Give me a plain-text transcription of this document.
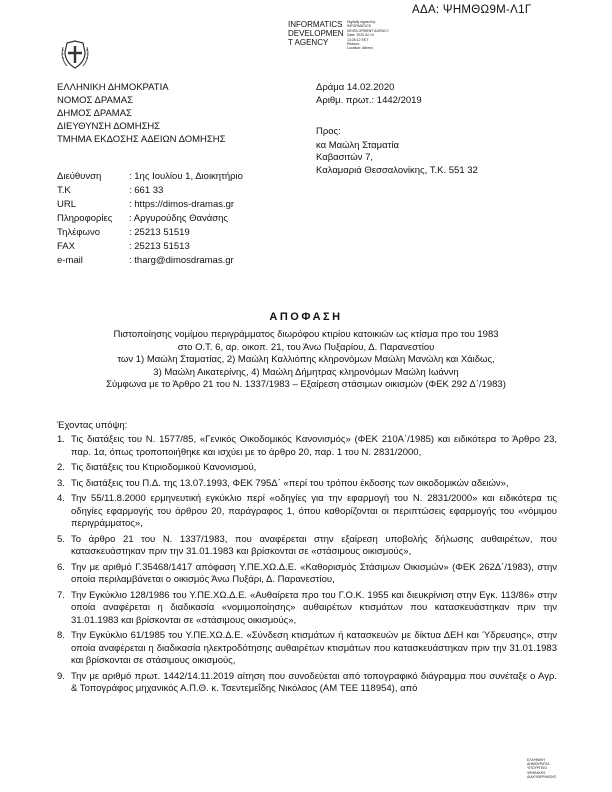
ΑΔΑ: ΨΗΜΘΩ9Μ-Λ1Γ
INFORMATICS
DEVELOPMEN
T AGENCY
Digitally signed by
INFORMATICS
DEVELOPMENT AGENCY
Date: 2020.02.14
13:25:12 EET
Reason:
Location: Athens
ΕΛΛΗΝΙΚΗ ΔΗΜΟΚΡΑΤΙΑ
ΝΟΜΟΣ ΔΡΑΜΑΣ
ΔΗΜΟΣ ΔΡΑΜΑΣ
ΔΙΕΥΘΥΝΣΗ ΔΟΜΗΣΗΣ
ΤΜΗΜΑ ΕΚΔΟΣΗΣ ΑΔΕΙΩΝ ΔΟΜΗΣΗΣ
Δράμα 14.02.2020
Αριθμ. πρωτ.: 1442/2019
Προς:
κα Μαώλη Σταματία
Καβασιτών 7,
Καλαμαριά Θεσσαλονίκης, Τ.Κ. 551 32
Διεύθυνση	: 1ης Ιουλίου 1, Διοικητήριο
Τ.Κ	: 661 33
URL	: https://dimos-dramas.gr
Πληροφορίες	: Αργυρούδης Θανάσης
Τηλέφωνο	: 25213 51519
FAX	: 25213 51513
e-mail	: tharg@dimosdramas.gr
ΑΠΟΦΑΣΗ
Πιστοποίησης νομίμου περιγράμματος διωρόφου κτιρίου κατοικιών ως κτίσμα προ του 1983
στο Ο.Τ. 6, αρ. οικοπ. 21, του Άνω Πυξαρίου, Δ. Παρανεστίου
των 1) Μαώλη Σταματίας, 2) Μαώλη Καλλιόπης κληρονόμων Μαώλη Μανώλη και Χάιδως,
3) Μαώλη Αικατερίνης, 4) Μαώλη Δήμητρας κληρονόμων Μαώλη Ιωάννη
Σύμφωνα με το Άρθρο 21 του Ν. 1337/1983 – Εξαίρεση στάσιμων οικισμών (ΦΕΚ 292 Δ΄/1983)
Έχοντας υπόψη:
1. Τις διατάξεις του Ν. 1577/85, «Γενικός Οικοδομικός Κανονισμός» (ΦΕΚ 210Α΄/1985) και ειδικότερα το Άρθρο 23, παρ. 1α, όπως τροποποιήθηκε και ισχύει με το άρθρο 20, παρ. 1 του Ν. 2831/2000,
2. Τις διατάξεις του Κτιριοδομικού Κανονισμού,
3. Τις διατάξεις του Π.Δ. της 13.07.1993, ΦΕΚ 795Δ΄ «περί του τρόπου έκδοσης των οικοδομικών αδειών»,
4. Την 55/11.8.2000 ερμηνευτική εγκύκλιο περί «οδηγίες για την εφαρμογή του Ν. 2831/2000» και ειδικότερα τις οδηγίες εφαρμογής του άρθρου 20, παράγραφος 1, όπου καθορίζονται οι περιπτώσεις εφαρμογής του «νόμιμου περιγράμματος»,
5. Το άρθρο 21 του Ν. 1337/1983, που αναφέρεται στην εξαίρεση υποβολής δήλωσης αυθαιρέτων, που κατασκευάστηκαν πριν την 31.01.1983 και βρίσκονται σε «στάσιμους οικισμούς»,
6. Την με αριθμό Γ.35468/1417 απόφαση Υ.ΠΕ.ΧΩ.Δ.Ε. «Καθορισμός Στάσιμων Οικισμών» (ΦΕΚ 262Δ΄/1983), στην οποία περιλαμβάνεται ο οικισμός Άνω Πυξάρι, Δ. Παρανεστίου,
7. Την Εγκύκλιο 128/1986 του Υ.ΠΕ.ΧΩ.Δ.Ε. «Αυθαίρετα προ του Γ.Ο.Κ. 1955 και διευκρίνιση στην Εγκ. 113/86» στην οποία αναφέρεται η διαδικασία «νομιμοποίησης» αυθαιρέτων κτισμάτων που κατασκευάστηκαν πριν την 31.01.1983 και βρίσκονται σε «στάσιμους οικισμούς»,
8. Την Εγκύκλιο 61/1985 του Υ.ΠΕ.ΧΩ.Δ.Ε. «Σύνδεση κτισμάτων ή κατασκευών με δίκτυα ΔΕΗ και Ύδρευσης», στην οποία αναφέρεται η διαδικασία ηλεκτροδότησης αυθαιρέτων κτισμάτων που κατασκευάστηκαν πριν την 31.01.1983 και βρίσκονται σε στάσιμους οικισμούς,
9. Την με αριθμό πρωτ. 1442/14.11.2019 αίτηση που συνοδεύεται από τοπογραφικό διάγραμμα που συνέταξε ο Αγρ. & Τοπογράφος μηχανικός Α.Π.Θ. κ. Τσεντεμεΐδης Νικόλαος (ΑΜ ΤΕΕ 118954), από
ΕΛΛΗΝΙΚΗ
ΔΗΜΟΚΡΑΤΙΑ
ΥΠΟΥΡΓΕΙΟ
ΨΗΦΙΑΚΗΣ
ΔΙΑΚΥΒΕΡΝΗΣΗΣ
